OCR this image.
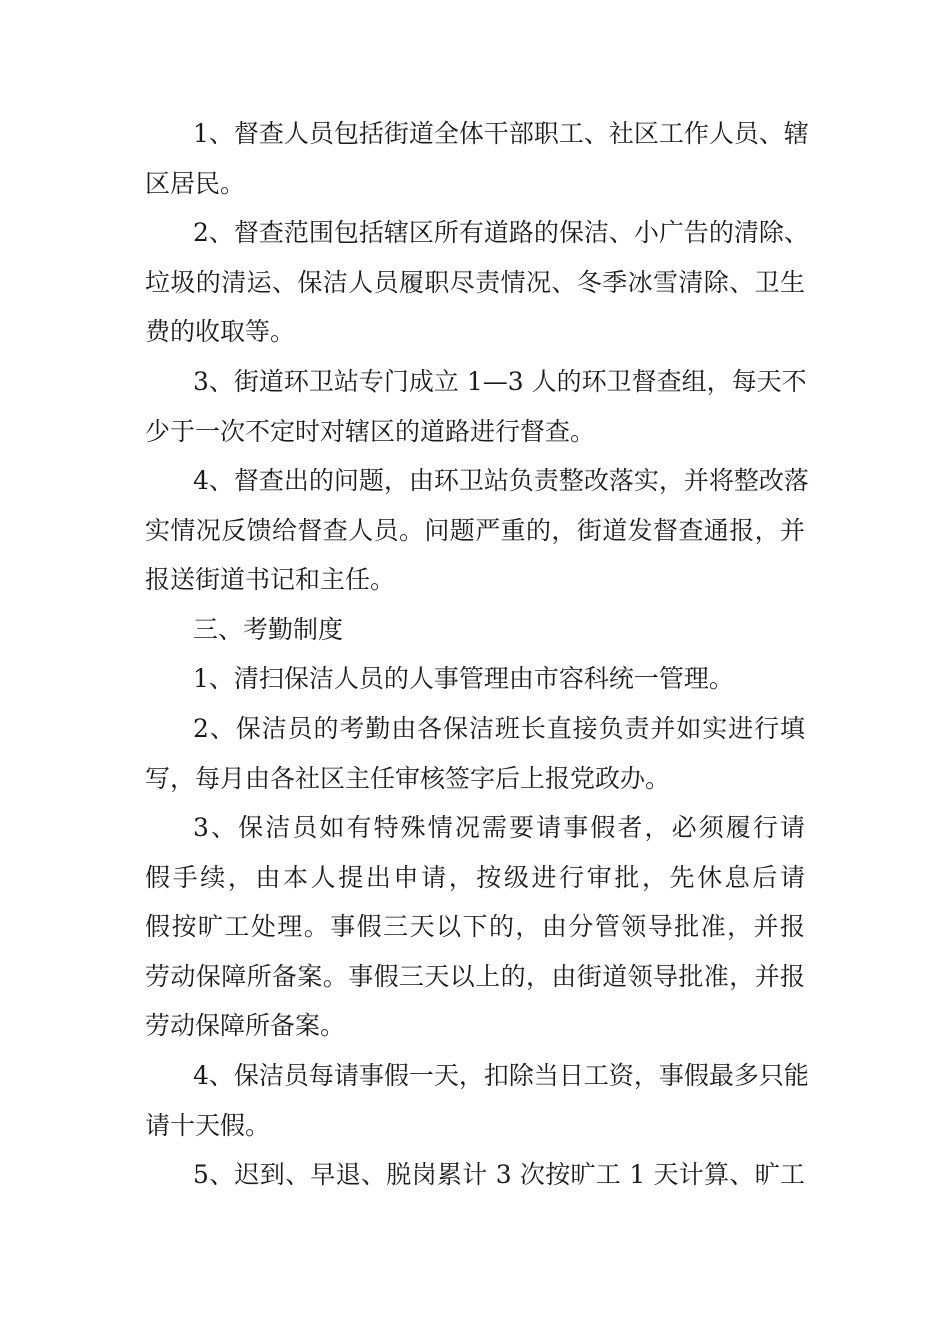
1、督查人员包括街道全体干部职工、社区工作人员、辖

区居民。

2、督查范围包括辖区所有道路的保洁、小广告的清除、

垃圾的清运、保洁人员履职尽责情况、冬季冰雪清除、卫生

费的收取等。

3、街道环卫站专门成立 1—3 人的环卫督查组，每天不

少于一次不定时对辖区的道路进行督查。

4、督查出的问题，由环卫站负责整改落实，并将整改落

实情况反馈给督查人员。问题严重的，街道发督查通报，并

报送街道书记和主任。

三、考勤制度

1、清扫保洁人员的人事管理由市容科统一管理。

2、保洁员的考勤由各保洁班长直接负责并如实进行填

写，每月由各社区主任审核签字后上报党政办。

3、保洁员如有特殊情况需要请事假者，必须履行请

假手续，由本人提出申请，按级进行审批，先休息后请

假按旷工处理。事假三天以下的，由分管领导批准，并报

劳动保障所备案。事假三天以上的，由街道领导批准，并报

劳动保障所备案。

4、保洁员每请事假一天，扣除当日工资，事假最多只能

请十天假。

5、迟到、早退、脱岗累计 3 次按旷工 1 天计算、旷工
